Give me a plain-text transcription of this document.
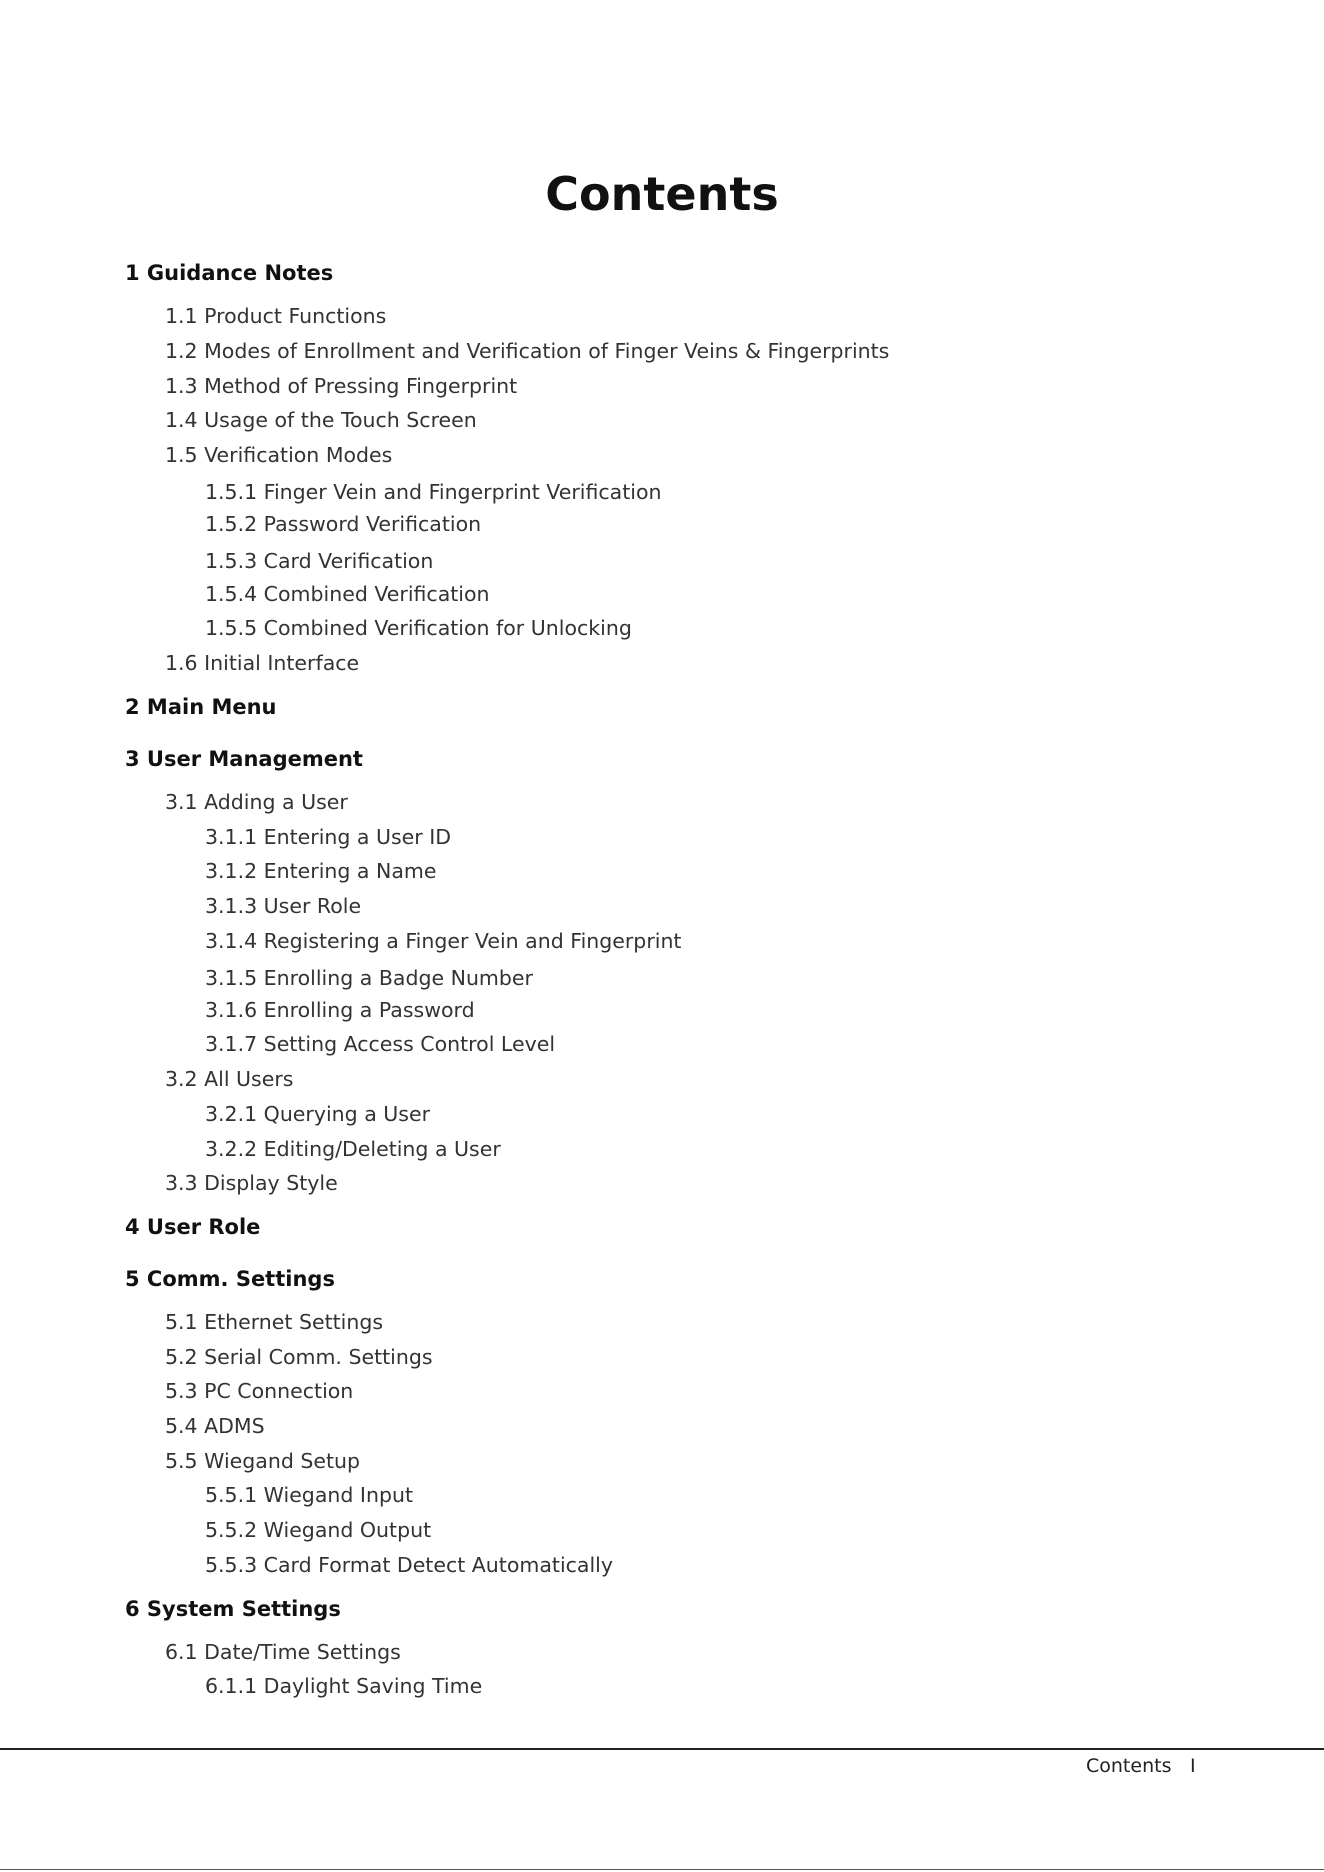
Contents
1 Guidance Notes
1.1 Product Functions
1.2 Modes of Enrollment and Verification of Finger Veins & Fingerprints
1.3 Method of Pressing Fingerprint
1.4 Usage of the Touch Screen
1.5 Verification Modes
1.5.1 Finger Vein and Fingerprint Verification
1.5.2 Password Verification
1.5.3 Card Verification
1.5.4 Combined Verification
1.5.5 Combined Verification for Unlocking
1.6 Initial Interface
2 Main Menu
3 User Management
3.1 Adding a User
3.1.1 Entering a User ID
3.1.2 Entering a Name
3.1.3 User Role
3.1.4 Registering a Finger Vein and Fingerprint
3.1.5 Enrolling a Badge Number
3.1.6 Enrolling a Password
3.1.7 Setting Access Control Level
3.2 All Users
3.2.1 Querying a User
3.2.2 Editing/Deleting a User
3.3 Display Style
4 User Role
5 Comm. Settings
5.1 Ethernet Settings
5.2 Serial Comm. Settings
5.3 PC Connection
5.4 ADMS
5.5 Wiegand Setup
5.5.1 Wiegand Input
5.5.2 Wiegand Output
5.5.3 Card Format Detect Automatically
6 System Settings
6.1 Date/Time Settings
6.1.1 Daylight Saving Time
Contents I
